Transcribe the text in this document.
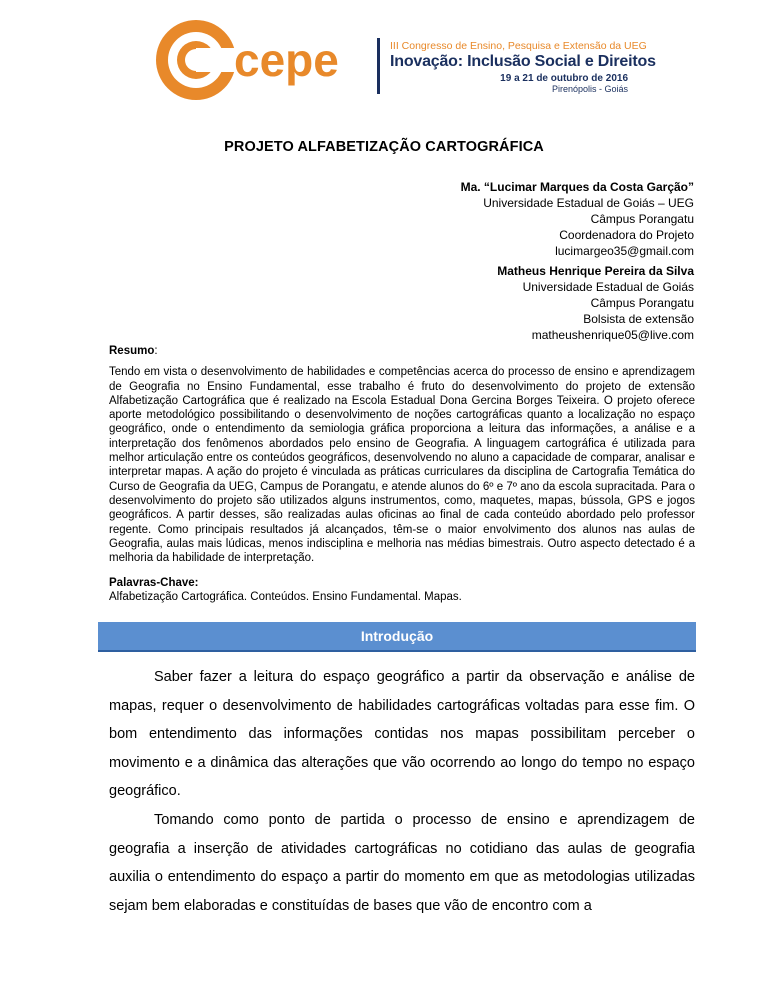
cepe	III Congresso de Ensino, Pesquisa e Extensão da UEG
Inovação: Inclusão Social e Direitos
19 a 21 de outubro de 2016
Pirenópolis - Goiás
PROJETO ALFABETIZAÇÃO CARTOGRÁFICA
Ma. “Lucimar Marques da Costa Garção”
Universidade Estadual de Goiás – UEG
Câmpus Porangatu
Coordenadora do Projeto
lucimargeo35@gmail.com
Matheus Henrique Pereira da Silva
Universidade Estadual de Goiás
Câmpus Porangatu
Bolsista de extensão
matheushenrique05@live.com
Resumo:
Tendo em vista o desenvolvimento de habilidades e competências acerca do processo de ensino e aprendizagem de Geografia no Ensino Fundamental, esse trabalho é fruto do desenvolvimento do projeto de extensão Alfabetização Cartográfica que é realizado na Escola Estadual Dona Gercina Borges Teixeira. O projeto oferece aporte metodológico possibilitando o desenvolvimento de noções cartográficas quanto a localização no espaço geográfico, onde o entendimento da semiologia gráfica proporciona a leitura das informações, a análise e a interpretação dos fenômenos abordados pelo ensino de Geografia. A linguagem cartográfica é utilizada para melhor articulação entre os conteúdos geográficos, desenvolvendo no aluno a capacidade de comparar, analisar e interpretar mapas. A ação do projeto é vinculada as práticas curriculares da disciplina de Cartografia Temática do Curso de Geografia da UEG, Campus de Porangatu, e atende alunos do 6º e 7º ano da escola supracitada. Para o desenvolvimento do projeto são utilizados alguns instrumentos, como, maquetes, mapas, bússola, GPS e jogos geográficos. A partir desses, são realizadas aulas oficinas ao final de cada conteúdo abordado pelo professor regente. Como principais resultados já alcançados, têm-se o maior envolvimento dos alunos nas aulas de Geografia, aulas mais lúdicas, menos indisciplina e melhoria nas médias bimestrais. Outro aspecto detectado é a melhoria da habilidade de interpretação.
Palavras-Chave:
Alfabetização Cartográfica. Conteúdos. Ensino Fundamental. Mapas.
Introdução

Saber fazer a leitura do espaço geográfico a partir da observação e análise de mapas, requer o desenvolvimento de habilidades cartográficas voltadas para esse fim. O bom entendimento das informações contidas nos mapas possibilitam perceber o movimento e a dinâmica das alterações que vão ocorrendo ao longo do tempo no espaço geográfico.

Tomando como ponto de partida o processo de ensino e aprendizagem de geografia a inserção de atividades cartográficas no cotidiano das aulas de geografia auxilia o entendimento do espaço a partir do momento em que as metodologias utilizadas sejam bem elaboradas e constituídas de bases que vão de encontro com a
